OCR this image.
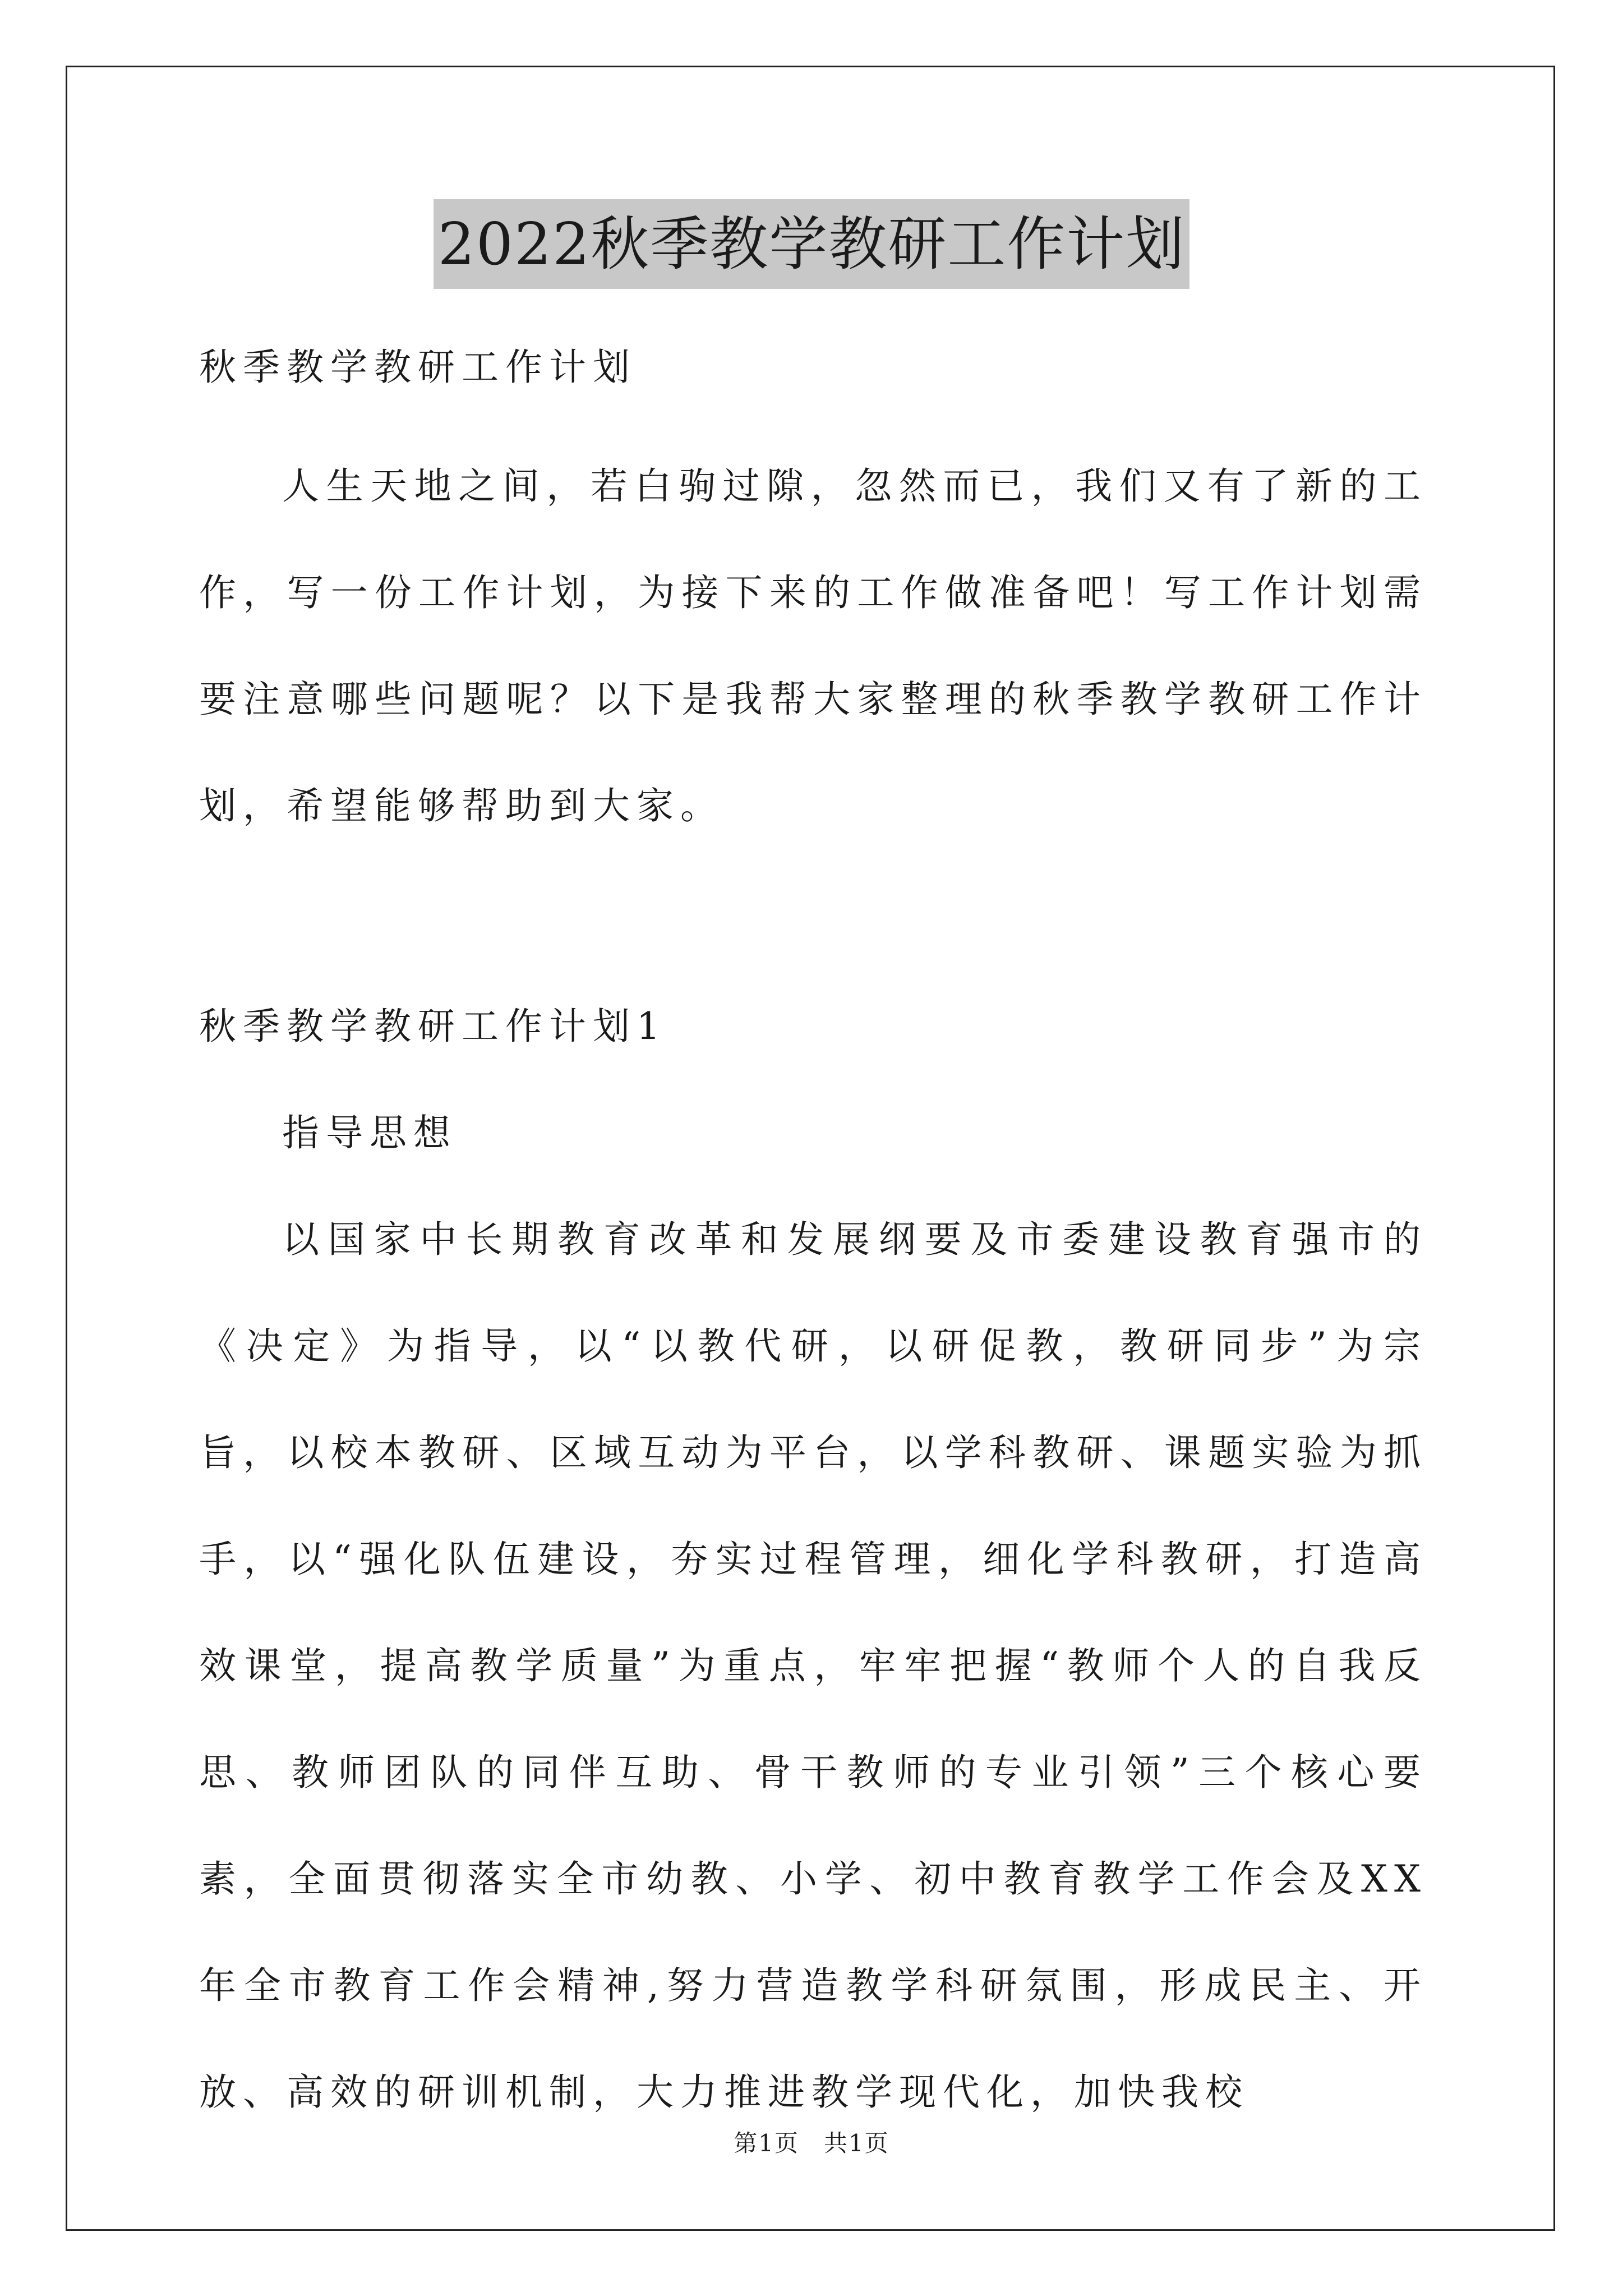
2022秋季教学教研工作计划
秋季教学教研工作计划

人生天地之间，若白驹过隙，忽然而已，我们又有了新的工作，写一份工作计划，为接下来的工作做准备吧！写工作计划需要注意哪些问题呢？以下是我帮大家整理的秋季教学教研工作计划，希望能够帮助到大家。

秋季教学教研工作计划1
指导思想

以国家中长期教育改革和发展纲要及市委建设教育强市的《决定》为指导，以“以教代研，以研促教，教研同步”为宗旨，以校本教研、区域互动为平台，以学科教研、课题实验为抓手，以“强化队伍建设，夯实过程管理，细化学科教研，打造高效课堂，提高教学质量”为重点，牢牢把握“教师个人的自我反思、教师团队的同伴互助、骨干教师的专业引领”三个核心要素，全面贯彻落实全市幼教、小学、初中教育教学工作会及XX年全市教育工作会精神,努力营造教学科研氛围，形成民主、开放、高效的研训机制，大力推进教学现代化，加快我校

第1页　共1页
